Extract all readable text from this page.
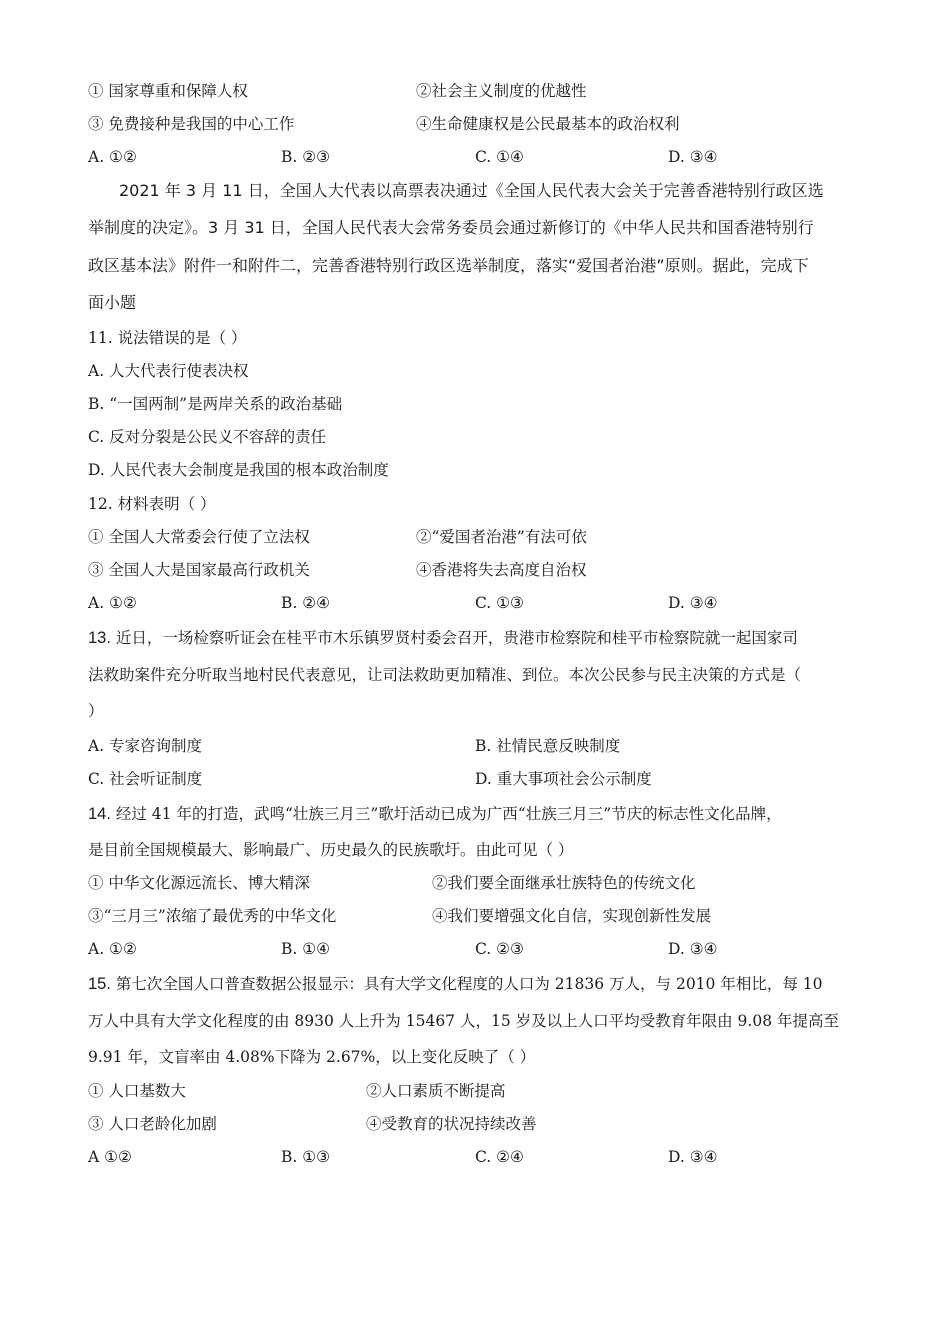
① 国家尊重和保障人权	②社会主义制度的优越性
③ 免费接种是我国的中心工作	④生命健康权是公民最基本的政治权利
A. ①②	B. ②③	C. ①④	D. ③④
2021 年 3 月 11 日，全国人大代表以高票表决通过《全国人民代表大会关于完善香港特别行政区选
举制度的决定》。3 月 31 日，全国人民代表大会常务委员会通过新修订的《中华人民共和国香港特别行
政区基本法》附件一和附件二，完善香港特别行政区选举制度，落实“爱国者治港”原则。据此，完成下
面小题
11. 说法错误的是（ ）
A. 人大代表行使表决权
B. “一国两制”是两岸关系的政治基础
C. 反对分裂是公民义不容辞的责任
D. 人民代表大会制度是我国的根本政治制度
12. 材料表明（ ）
① 全国人大常委会行使了立法权	②“爱国者治港”有法可依
③ 全国人大是国家最高行政机关	④香港将失去高度自治权
A. ①②	B. ②④	C. ①③	D. ③④
13. 近日，一场检察听证会在桂平市木乐镇罗贤村委会召开，贵港市检察院和桂平市检察院就一起国家司
法救助案件充分听取当地村民代表意见，让司法救助更加精准、到位。本次公民参与民主决策的方式是（
）
A. 专家咨询制度	B. 社情民意反映制度
C. 社会听证制度	D. 重大事项社会公示制度
14. 经过 41 年的打造，武鸣“壮族三月三”歌圩活动已成为广西“壮族三月三”节庆的标志性文化品牌，
是目前全国规模最大、影响最广、历史最久的民族歌圩。由此可见（ ）
① 中华文化源远流长、博大精深	②我们要全面继承壮族特色的传统文化
③“三月三”浓缩了最优秀的中华文化	④我们要增强文化自信，实现创新性发展
A. ①②	B. ①④	C. ②③	D. ③④
15. 第七次全国人口普查数据公报显示：具有大学文化程度的人口为 21836 万人，与 2010 年相比，每 10
万人中具有大学文化程度的由 8930 人上升为 15467 人，15 岁及以上人口平均受教育年限由 9.08 年提高至
9.91 年，文盲率由 4.08%下降为 2.67%，以上变化反映了（ ）
① 人口基数大	②人口素质不断提高
③ 人口老龄化加剧	④受教育的状况持续改善
A ①②	B. ①③	C. ②④	D. ③④
